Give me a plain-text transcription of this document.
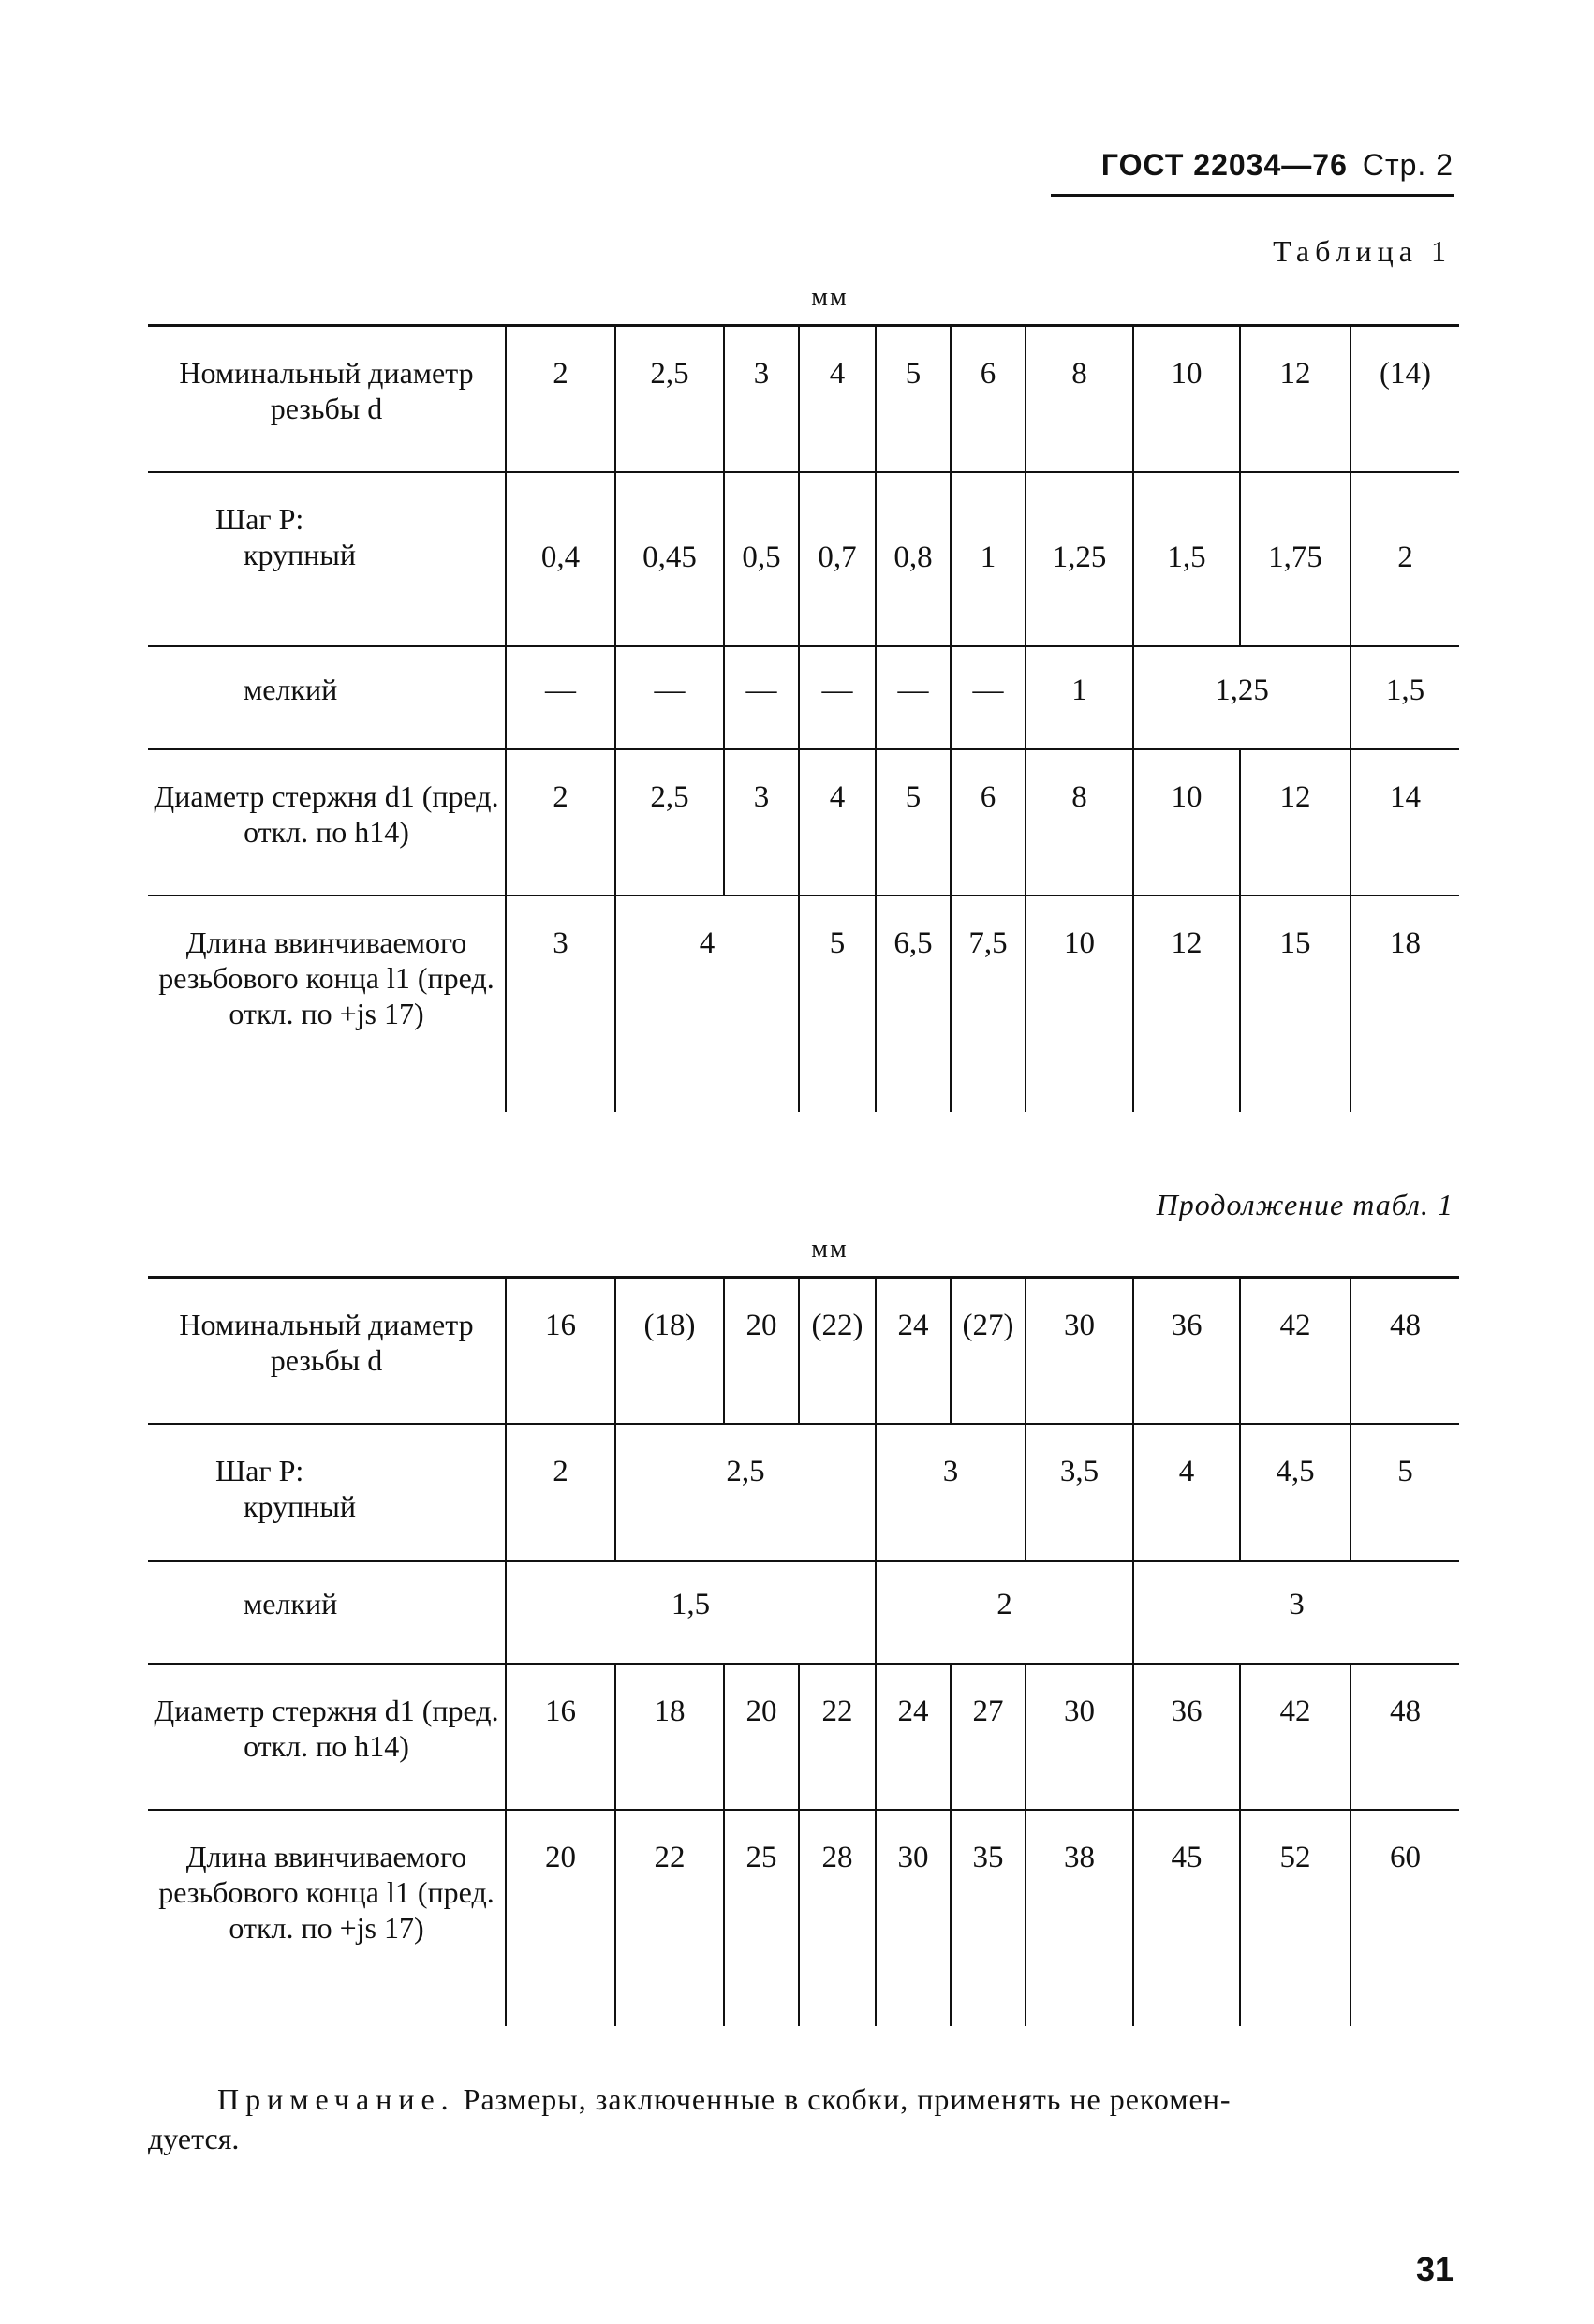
ГОСТ 22034—76 Стр. 2
Таблица 1
мм
Номинальный диаметр резьбы d	2	2,5	3	4	5	6	8	10	12	(14)

Шаг P:
крупный	0,4	0,45	0,5	0,7	0,8	1	1,25	1,5	1,75	2
мелкий	—	—	—	—	—	—	1	1,25		1,5
Диаметр стержня d1 (пред. откл. по h14)	2	2,5	3	4	5	6	8	10	12	14
Длина ввинчиваемого резьбового конца l1 (пред. откл. по +js 17)	3	4		5	6,5	7,5	10	12	15	18
Продолжение табл. 1
мм
Номинальный диаметр резьбы d	16	(18)	20	(22)	24	(27)	30	36	42	48

Шаг P:
крупный	2	2,5			3		3,5	4	4,5	5
мелкий	1,5				2			3		
Диаметр стержня d1 (пред. откл. по h14)	16	18	20	22	24	27	30	36	42	48
Длина ввинчиваемого резьбового конца l1 (пред. откл. по +js 17)	20	22	25	28	30	35	38	45	52	60
Примечание. Размеры, заключенные в скобки, применять не рекомен-
дуется.
31
